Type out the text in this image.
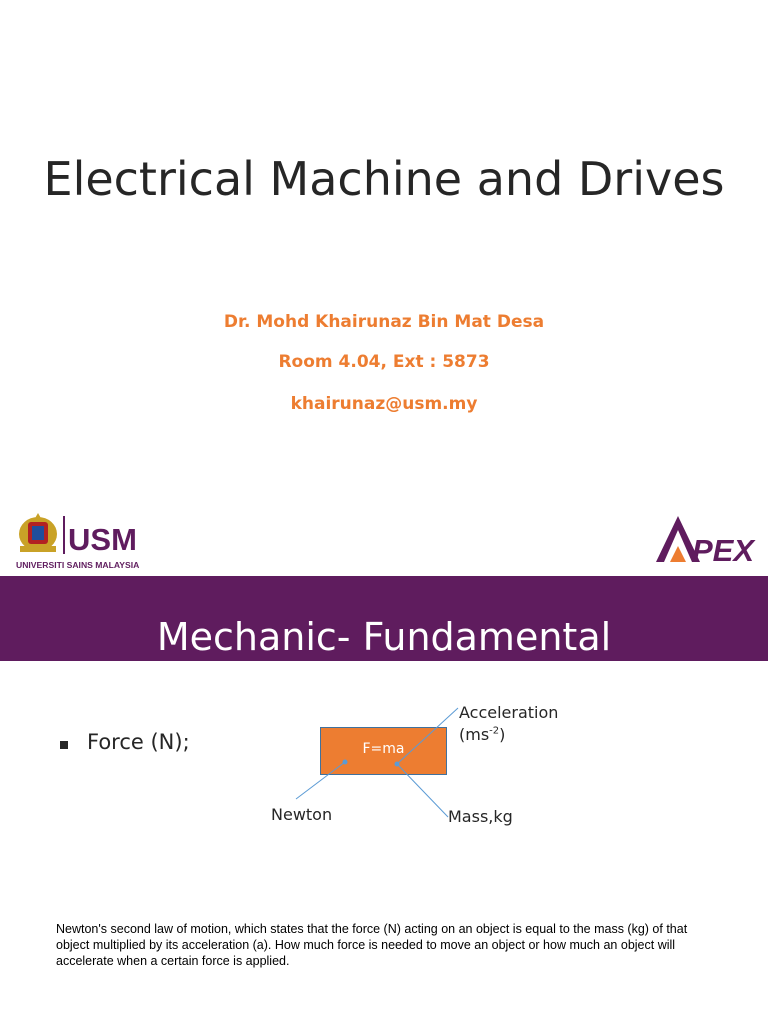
Electrical Machine and Drives
Dr. Mohd Khairunaz Bin Mat Desa
Room 4.04, Ext : 5873
khairunaz@usm.my
USM
UNIVERSITI SAINS MALAYSIA	PEX
Mechanic- Fundamental
Force (N);	F=ma
Acceleration
$(ms^{-2})$
Newton	Mass,kg
Newton's second law of motion, which states that the force (N) acting on an object is equal to the mass (kg) of that object multiplied by its acceleration (a). How much force is needed to move an object or how much an object will accelerate when a certain force is applied.
